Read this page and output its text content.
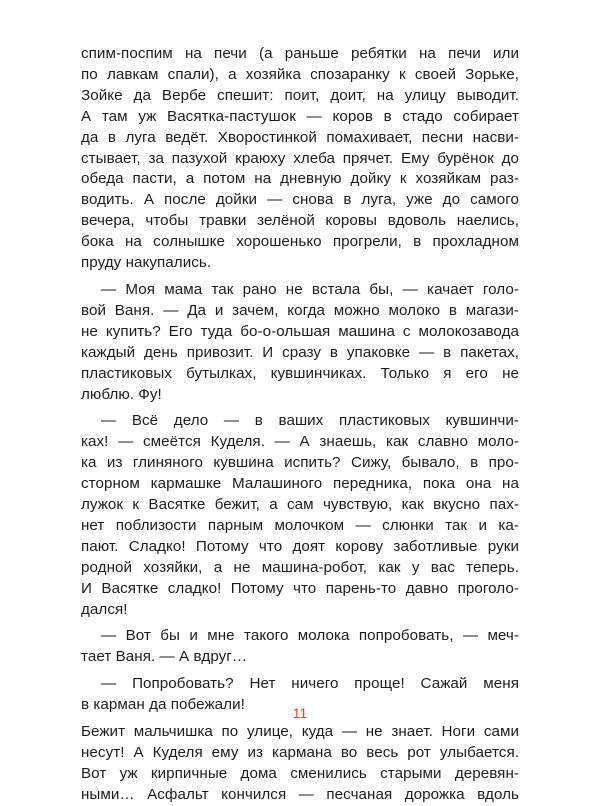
спим-поспим на печи (а раньше ребятки на печи или
по лавкам спали), а хозяйка спозаранку к своей Зорьке,
Зойке да Вербе спешит: поит, доит, на улицу выводит.
А там уж Васятка-пастушок — коров в стадо собирает
да в луга ведёт. Хворостинкой помахивает, песни насви-
стывает, за пазухой краюху хлеба прячет. Ему бурёнок до
обеда пасти, а потом на дневную дойку к хозяйкам раз-
водить. А после дойки — снова в луга, уже до самого
вечера, чтобы травки зелёной коровы вдоволь наелись,
бока на солнышке хорошенько прогрели, в прохладном
пруду накупались.

— Моя мама так рано не встала бы, — качает голо-
вой Ваня. — Да и зачем, когда можно молоко в магази-
не купить? Его туда бо-о-ольшая машина с молокозавода
каждый день привозит. И сразу в упаковке — в пакетах,
пластиковых бутылках, кувшинчиках. Только я его не
люблю. Фу!

— Всё дело — в ваших пластиковых кувшинчи-
ках! — смеётся Куделя. — А знаешь, как славно моло-
ка из глиняного кувшина испить? Сижу, бывало, в про-
сторном кармашке Малашиного передника, пока она на
лужок к Васятке бежит, а сам чувствую, как вкусно пах-
нет поблизости парным молочком — слюнки так и ка-
пают. Сладко! Потому что доят корову заботливые руки
родной хозяйки, а не машина-робот, как у вас теперь.
И Васятке сладко! Потому что парень-то давно проголо-
дался!

— Вот бы и мне такого молока попробовать, — меч-
тает Ваня. — А вдруг…

— Попробовать? Нет ничего проще! Сажай меня
в карман да побежали!

Бежит мальчишка по улице, куда — не знает. Ноги сами
несут! А Куделя ему из кармана во весь рот улыбается.
Вот уж кирпичные дома сменились старыми деревян-
ными… Асфальт кончился — песчаная дорожка вдоль

11
